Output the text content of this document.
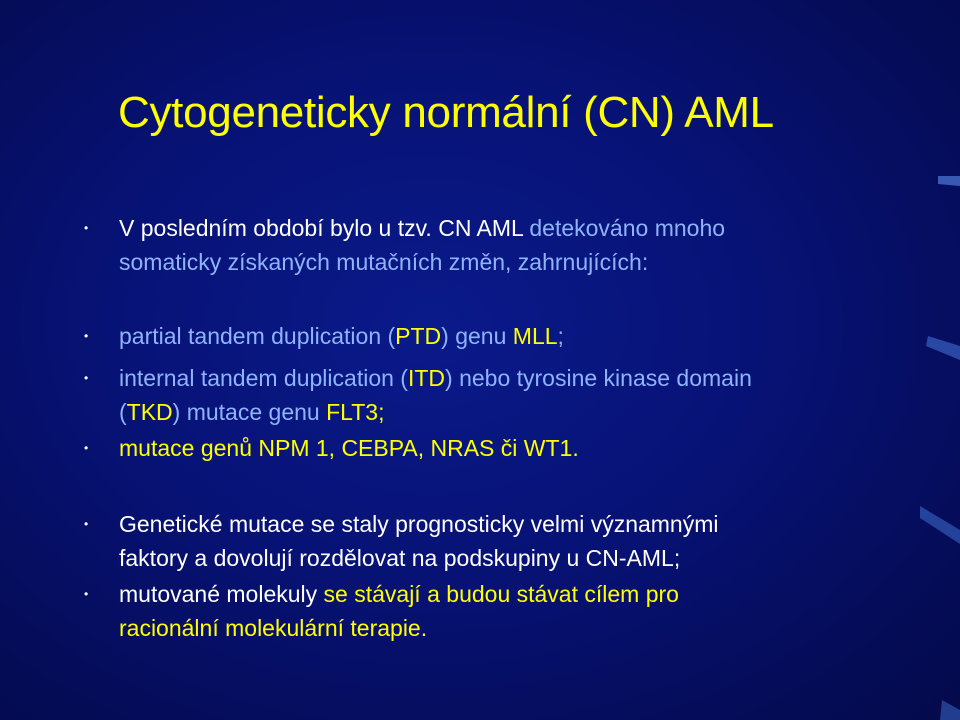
Cytogeneticky normální (CN) AML
• V posledním období bylo u tzv. CN AML detekováno mnoho
somaticky získaných mutačních změn, zahrnujících:
• partial tandem duplication (PTD) genu MLL;
• internal tandem duplication (ITD) nebo tyrosine kinase domain
(TKD) mutace genu FLT3;
• mutace genů NPM 1, CEBPA, NRAS či WT1.
• Genetické mutace se staly prognosticky velmi významnými
faktory a dovolují rozdělovat na podskupiny u CN-AML;
• mutované molekuly se stávají a budou stávat cílem pro
racionální molekulární terapie.
